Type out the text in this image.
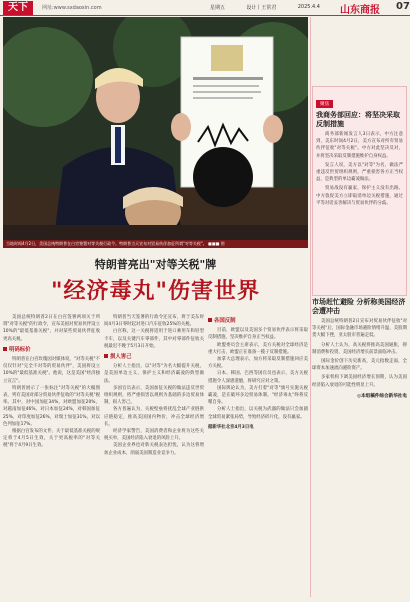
天下	网址:www.sxdaoxin.com	星期五	设计丨王常君	2025.4.4 山东商报 07
当地时间4月2日，美国总统特朗普在白宫签署对等关税行政令。特朗普当天宣布对贸易伙伴加征所谓"对等关税"。 ■■■ 图
特朗普亮出"对等关税"牌
"经济毒丸"伤害世界

美国总统特朗普2日在白宫签署两项关于所谓"对等关税"的行政令，宣布美国对贸易伙伴设立10%的"最低基准关税"，并对某些贸易伙伴征收更高关税。

明码标价

特朗普在白宫玫瑰园对媒体说，"对等关税"不仅仅针对"完全不对等的贸易伙伴"，美国将设立10%的"最低基准关税"。他说，这是美国"经济独立宣言"。

特朗普展示了一张标注"对等关税"的大幅图表，列有美国对部分贸易伙伴征收的"对等关税"税率。其中，对中国加征34%，对欧盟加征20%，对越南加征46%，对日本加征24%，对韩国加征25%，对印度加征26%，对瑞士加征31%，对以色列加征17%。

根据白宫发布的文件，关于最低基准关税的规定将于4月5日生效，关于更高税率的"对等关税"将于4月9日生效。

特朗普当天签署的行政令还宣布，将于美东时间4月3日零时起对进口汽车征收25%的关税。

白宫称，这一关税将适用于进口乘用车和轻型卡车，以及关键汽车零部件，其中对零部件征收关税最迟不晚于5月3日开始。

损人害己

分析人士指出，以"对等"为名大幅提升关税，是美国单边主义、保护主义和经济霸凌的典型做法。

多国官员表示，美国加征关税的做法违反世贸组织规则，将严重损害以规则为基础的多边贸易体制，损人害己。

各方普遍认为，关税壁垒将扰乱全球产业链供应链稳定，推高美国国内物价，冲击全球经济增长。

经济学家警告，美国消费者和企业将为这些关税买单，美国经济陷入衰退的风险上升。

美国企业界也对新关税表达担忧，认为这将增加企业成本，削弱美国制造业竞争力。

各国反制

目前，欧盟以及美国多个贸易伙伴表示将采取反制措施，坚决维护自身正当权益。

欧盟委员会主席表示，美方关税对全球经济是重大打击，欧盟正在准备一揽子反制措施。

加拿大总理表示，加方将采取反制措施回应美方关税。

日本、韩国、巴西等国官员也表示，美方关税措施令人深感遗憾，将研究应对之策。

国际舆论认为，美方打着"对等"旗号实施关税霸凌，是在破坏多边贸易体制，"经济毒丸"终将反噬自身。

分析人士指出，以关税为武器的做法只会加剧全球贸易紧张局势，导致经济碎片化，没有赢家。

据新华社北京4月3日电
聚焦
我商务部回应：将坚决采取反制措施

商务部新闻发言人3日表示，中方注意到，美东时间4月2日，美方宣布对所有贸易伙伴征收"对等关税"。中方对此坚决反对，并将坚决采取反制措施维护自身权益。

发言人说，美方以"对等"为名，做法严重违反世贸组织规则，严重损害各方正当权益，是典型的单边霸凌做法。

贸易战没有赢家，保护主义没有出路。中方敦促美方立即取消单边关税措施，通过平等对话妥善解决与贸易伙伴的分歧。

市场赶忙避险 分析称美国经济会遭冲击

美国总统特朗普2日宣布对贸易伙伴征收"对等关税"后，国际金融市场避险情绪升温，美股期货大幅下挫，亚太股市普遍走低。

分析人士认为，高关税将推高美国通胀，抑制消费和投资，美国经济增长前景面临冲击。

国际金价创下历史新高，美元指数走弱，全球资本加速流向避险资产。

多家机构下调美国经济增长预期，认为美国经济陷入衰退的可能性明显上升。

◎本组稿件综合新华社电
